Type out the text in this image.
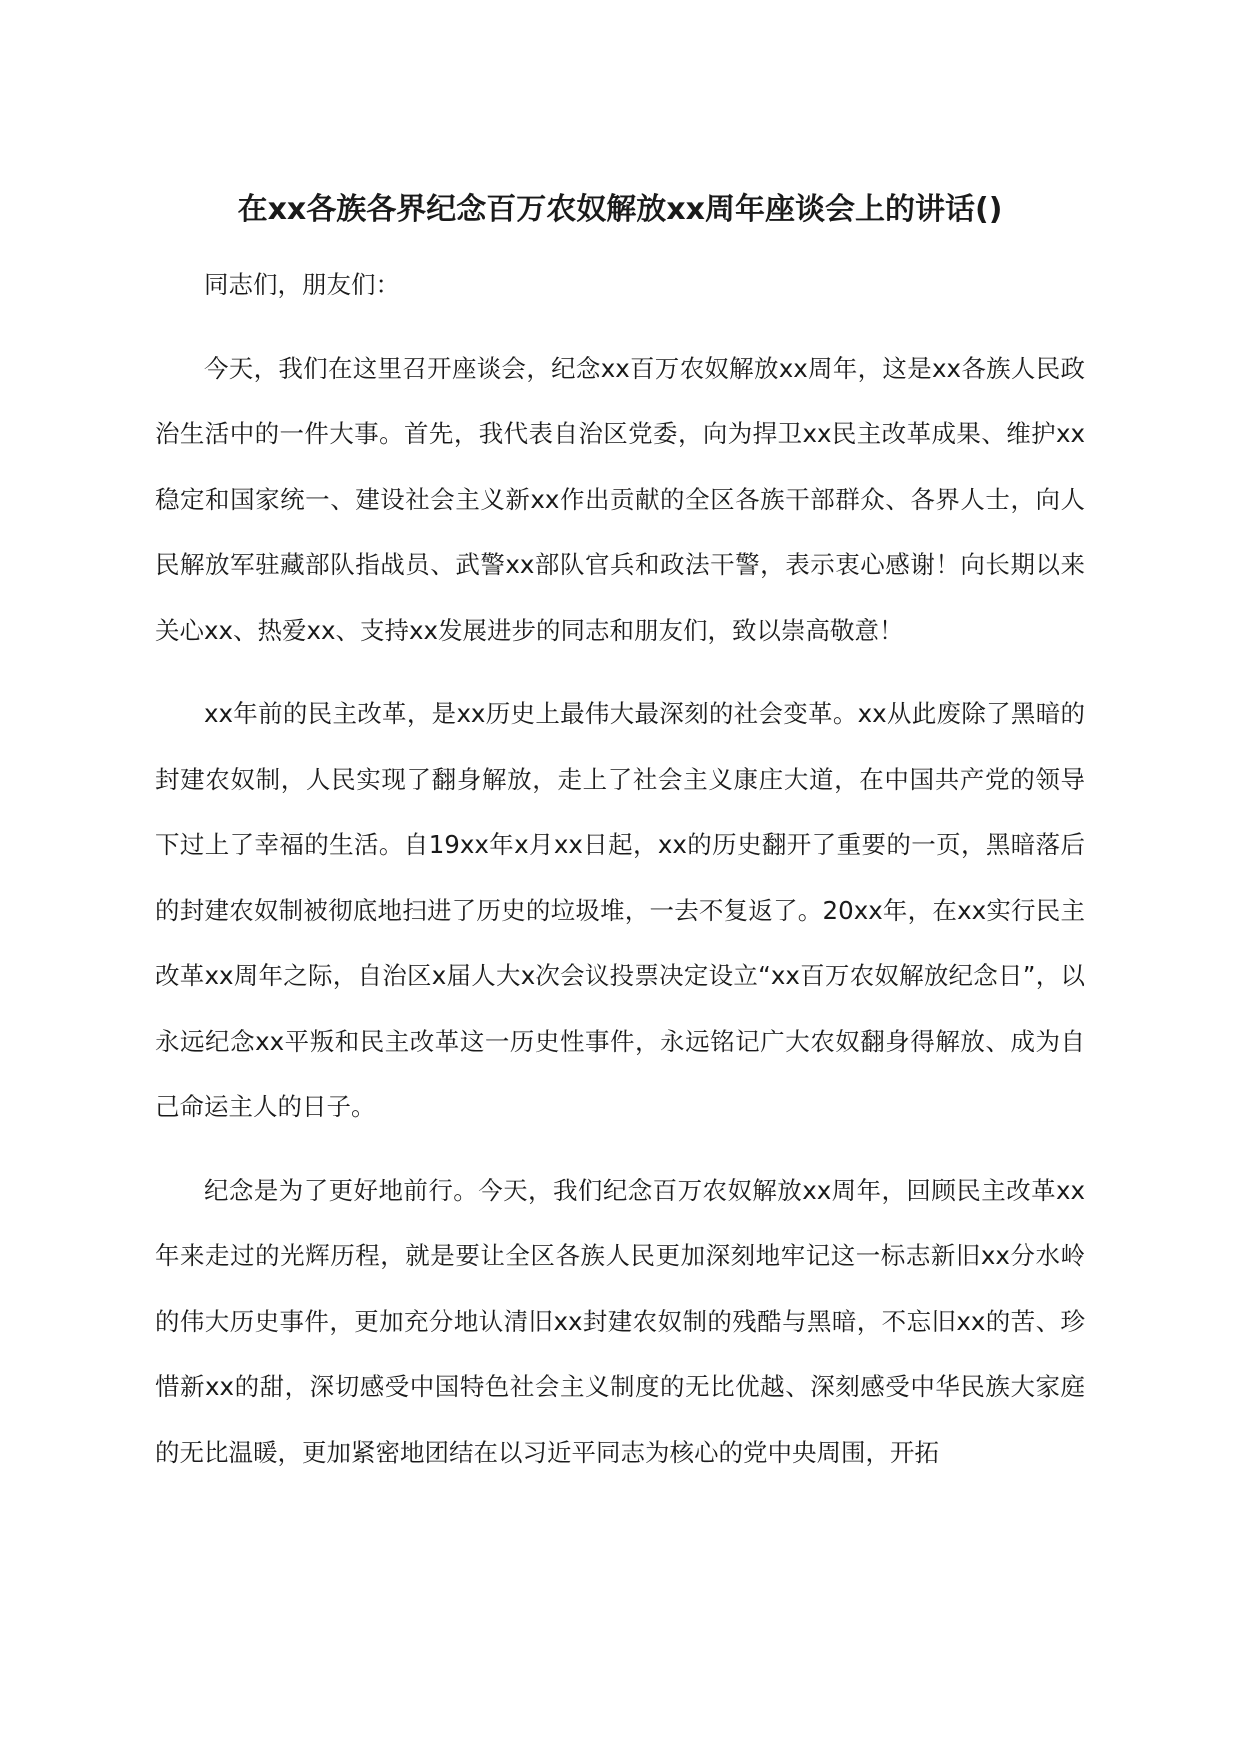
在xx各族各界纪念百万农奴解放xx周年座谈会上的讲话()

同志们，朋友们：

今天，我们在这里召开座谈会，纪念xx百万农奴解放xx周年，这是xx各族人民政治生活中的一件大事。首先，我代表自治区党委，向为捍卫xx民主改革成果、维护xx稳定和国家统一、建设社会主义新xx作出贡献的全区各族干部群众、各界人士，向人民解放军驻藏部队指战员、武警xx部队官兵和政法干警，表示衷心感谢！向长期以来关心xx、热爱xx、支持xx发展进步的同志和朋友们，致以崇高敬意！

xx年前的民主改革，是xx历史上最伟大最深刻的社会变革。xx从此废除了黑暗的封建农奴制，人民实现了翻身解放，走上了社会主义康庄大道，在中国共产党的领导下过上了幸福的生活。自19xx年x月xx日起，xx的历史翻开了重要的一页，黑暗落后的封建农奴制被彻底地扫进了历史的垃圾堆，一去不复返了。20xx年，在xx实行民主改革xx周年之际，自治区x届人大x次会议投票决定设立“xx百万农奴解放纪念日”，以永远纪念xx平叛和民主改革这一历史性事件，永远铭记广大农奴翻身得解放、成为自己命运主人的日子。

纪念是为了更好地前行。今天，我们纪念百万农奴解放xx周年，回顾民主改革xx年来走过的光辉历程，就是要让全区各族人民更加深刻地牢记这一标志新旧xx分水岭的伟大历史事件，更加充分地认清旧xx封建农奴制的残酷与黑暗，不忘旧xx的苦、珍惜新xx的甜，深切感受中国特色社会主义制度的无比优越、深刻感受中华民族大家庭的无比温暖，更加紧密地团结在以习近平同志为核心的党中央周围，开拓
